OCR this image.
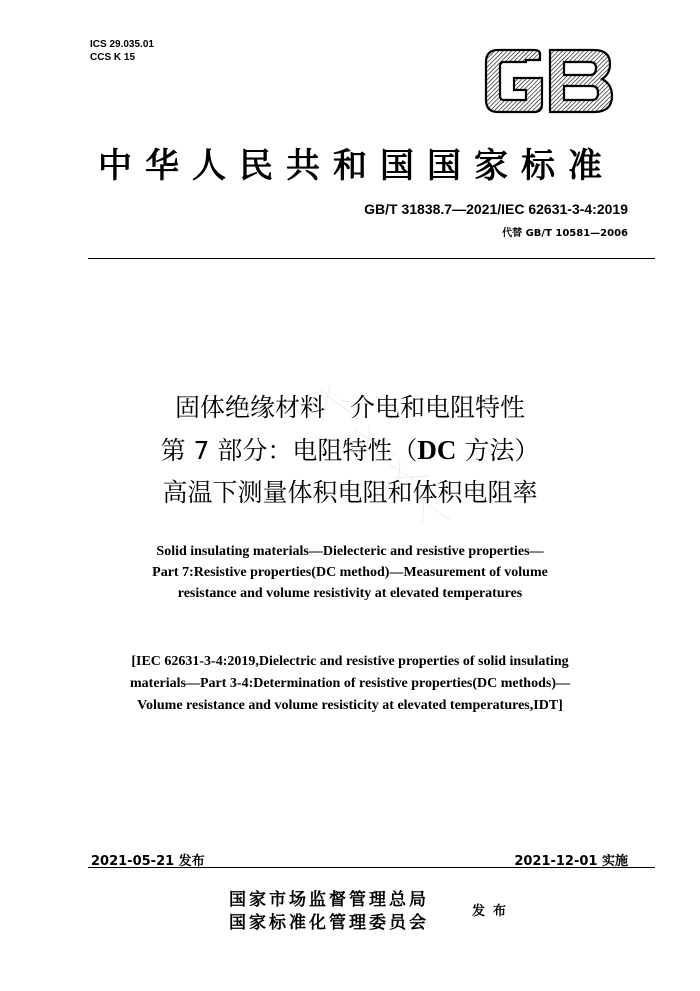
ICS 29.035.01
CCS K 15
中华人民共和国国家标准
GB/T 31838.7—2021/IEC 62631-3-4:2019
代替 GB/T 10581—2006
固体绝缘材料　介电和电阻特性
第 7 部分：电阻特性（DC 方法）
高温下测量体积电阻和体积电阻率
Solid insulating materials—Dielecteric and resistive properties—
Part 7:Resistive properties(DC method)—Measurement of volume
resistance and volume resistivity at elevated temperatures
[IEC 62631-3-4:2019,Dielectric and resistive properties of solid insulating
materials—Part 3-4:Determination of resistive properties(DC methods)—
Volume resistance and volume resisticity at elevated temperatures,IDT]
2021-05-21 发布	2021-12-01 实施
国家市场监督管理总局
国家标准化管理委员会
发布
